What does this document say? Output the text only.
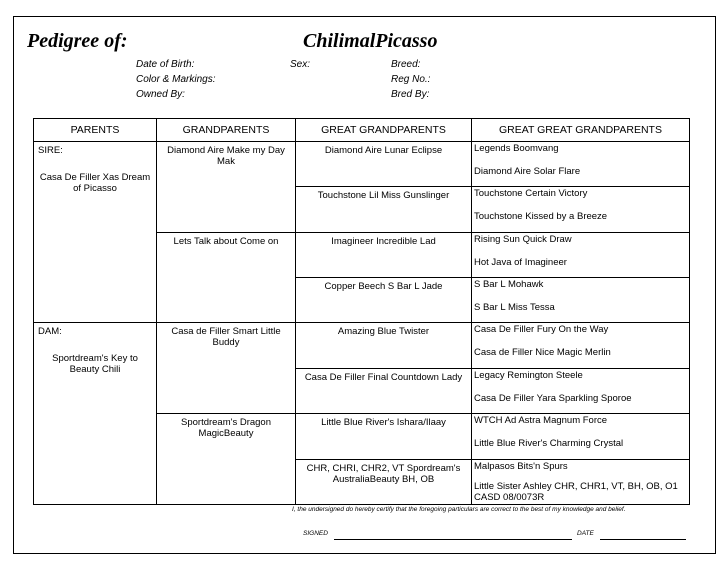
Pedigree of:	ChilimalPicasso
Date of Birth:
Color & Markings:
Owned By:
Sex:	Breed:
Reg No.:
Bred By:
PARENTS	GRANDPARENTS	GREAT GRANDPARENTS	GREAT GREAT GRANDPARENTS
SIRE:
Casa De Filler Xas Dream of Picasso	Diamond Aire Make my Day Mak	Diamond Aire Lunar Eclipse	Legends Boomvang
Diamond Aire Solar Flare

		Touchstone Lil Miss Gunslinger	Touchstone Certain Victory
Touchstone Kissed by a Breeze

	Lets Talk about Come on	Imagineer Incredible Lad	Rising Sun Quick Draw
Hot Java of Imagineer

		Copper Beech S Bar L Jade	S Bar L Mohawk
S Bar L Miss Tessa

DAM:
Sportdream's Key to Beauty Chili	Casa de Filler Smart Little Buddy	Amazing Blue Twister	Casa De Filler Fury On the Way
Casa de Filler Nice Magic Merlin

		Casa De Filler Final Countdown Lady	Legacy Remington Steele
Casa De Filler Yara Sparkling Sporoe

	Sportdream's Dragon MagicBeauty	Little Blue River's Ishara/Ilaay	WTCH Ad Astra Magnum Force
Little Blue River's Charming Crystal

		CHR, CHRI, CHR2, VT Spordream's AustraliaBeauty BH, OB	Malpasos Bits'n Spurs
Little Sister Ashley CHR, CHR1, VT, BH, OB, O1 CASD 08/0073R
I, the undersigned do hereby certify that the foregoing particulars are correct to the best of my knowledge and belief.
SIGNED	DATE
